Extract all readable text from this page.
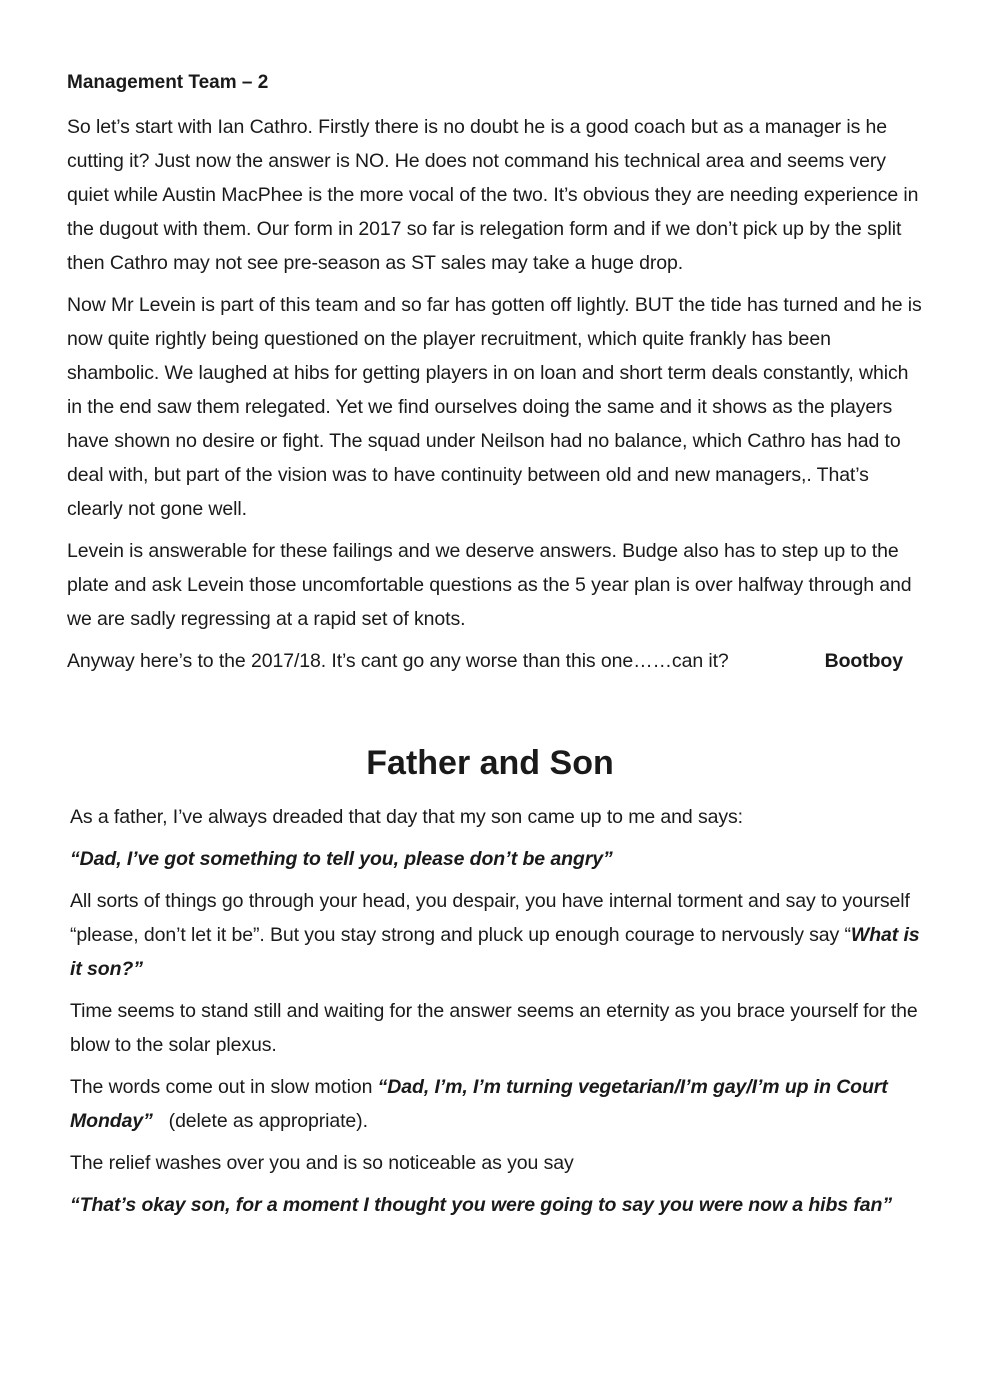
Management Team – 2

So let’s start with Ian Cathro. Firstly there is no doubt he is a good coach but as a manager is he cutting it? Just now the answer is NO. He does not command his technical area and seems very quiet while Austin MacPhee is the more vocal of the two. It’s obvious they are needing experience in the dugout with them. Our form in 2017 so far is relegation form and if we don’t pick up by the split then Cathro may not see pre-season as ST sales may take a huge drop.

Now Mr Levein is part of this team and so far has gotten off lightly. BUT the tide has turned and he is now quite rightly being questioned on the player recruitment, which quite frankly has been shambolic. We laughed at hibs for getting players in on loan and short term deals constantly, which in the end saw them relegated. Yet we find ourselves doing the same and it shows as the players have shown no desire or fight. The squad under Neilson had no balance, which Cathro has had to deal with, but part of the vision was to have continuity between old and new managers,. That’s clearly not gone well.

Levein is answerable for these failings and we deserve answers. Budge also has to step up to the plate and ask Levein those uncomfortable questions as the 5 year plan is over halfway through and we are sadly regressing at a rapid set of knots.

Anyway here’s to the 2017/18. It’s cant go any worse than this one……can it?	Bootboy

Father and Son

As a father, I’ve always dreaded that day that my son came up to me and says:

“Dad, I’ve got something to tell you, please don’t be angry”

All sorts of things go through your head, you despair, you have internal torment and say to yourself “please, don’t let it be”. But you stay strong and pluck up enough courage to nervously say “What is it son?”

Time seems to stand still and waiting for the answer seems an eternity as you brace yourself for the blow to the solar plexus.

The words come out in slow motion “Dad, I’m, I’m turning vegetarian/I’m gay/I’m up in Court Monday”   (delete as appropriate).

The relief washes over you and is so noticeable as you say

“That’s okay son, for a moment I thought you were going to say you were now a hibs fan”
